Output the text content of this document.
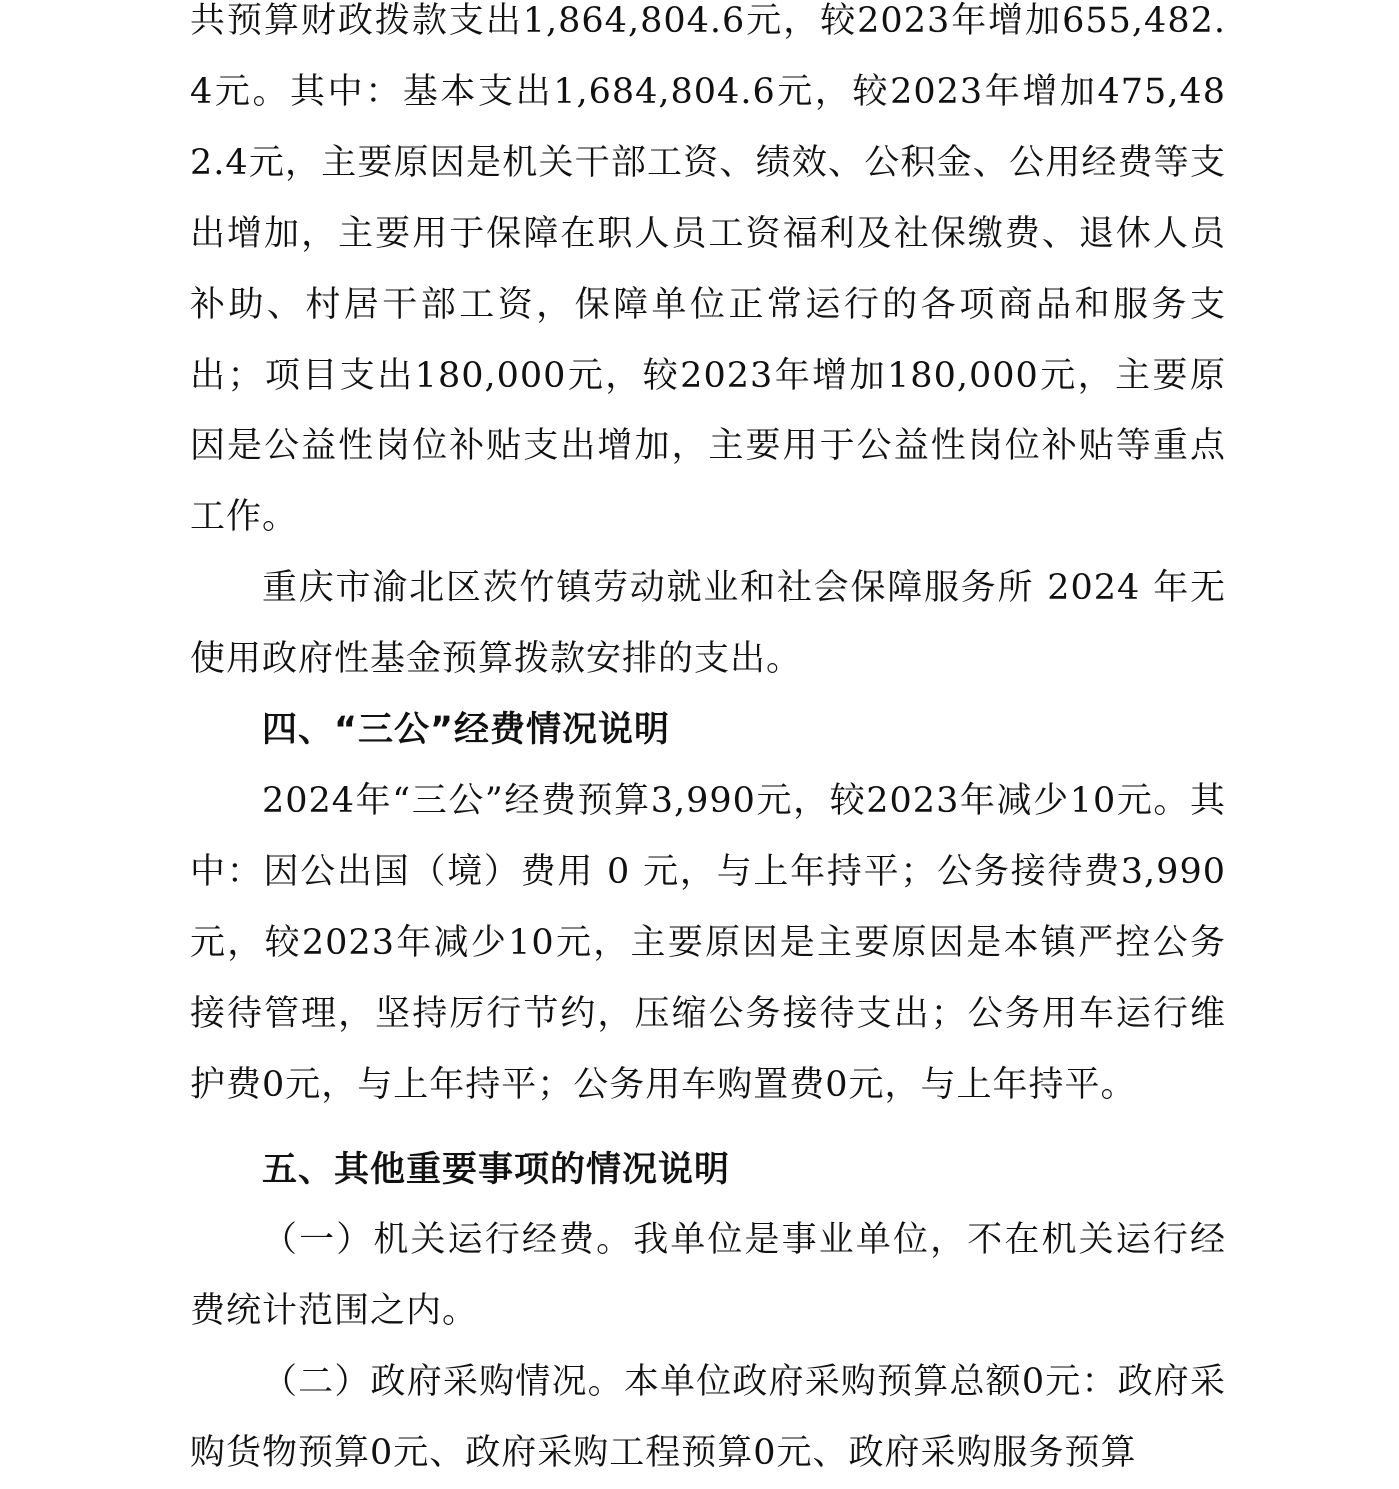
共预算财政拨款支出1,864,804.6元，较2023年增加655,482.4元。其中：基本支出1,684,804.6元，较2023年增加475,482.4元，主要原因是机关干部工资、绩效、公积金、公用经费等支出增加，主要用于保障在职人员工资福利及社保缴费、退休人员补助、村居干部工资，保障单位正常运行的各项商品和服务支出；项目支出180,000元，较2023年增加180,000元，主要原因是公益性岗位补贴支出增加，主要用于公益性岗位补贴等重点工作。

重庆市渝北区茨竹镇劳动就业和社会保障服务所 2024 年无使用政府性基金预算拨款安排的支出。

四、“三公”经费情况说明

2024年“三公”经费预算3,990元，较2023年减少10元。其中：因公出国（境）费用 0 元，与上年持平；公务接待费3,990元，较2023年减少10元，主要原因是主要原因是本镇严控公务接待管理，坚持厉行节约，压缩公务接待支出；公务用车运行维护费0元，与上年持平；公务用车购置费0元，与上年持平。

五、其他重要事项的情况说明

（一）机关运行经费。我单位是事业单位，不在机关运行经费统计范围之内。

（二）政府采购情况。本单位政府采购预算总额0元：政府采购货物预算0元、政府采购工程预算0元、政府采购服务预算
